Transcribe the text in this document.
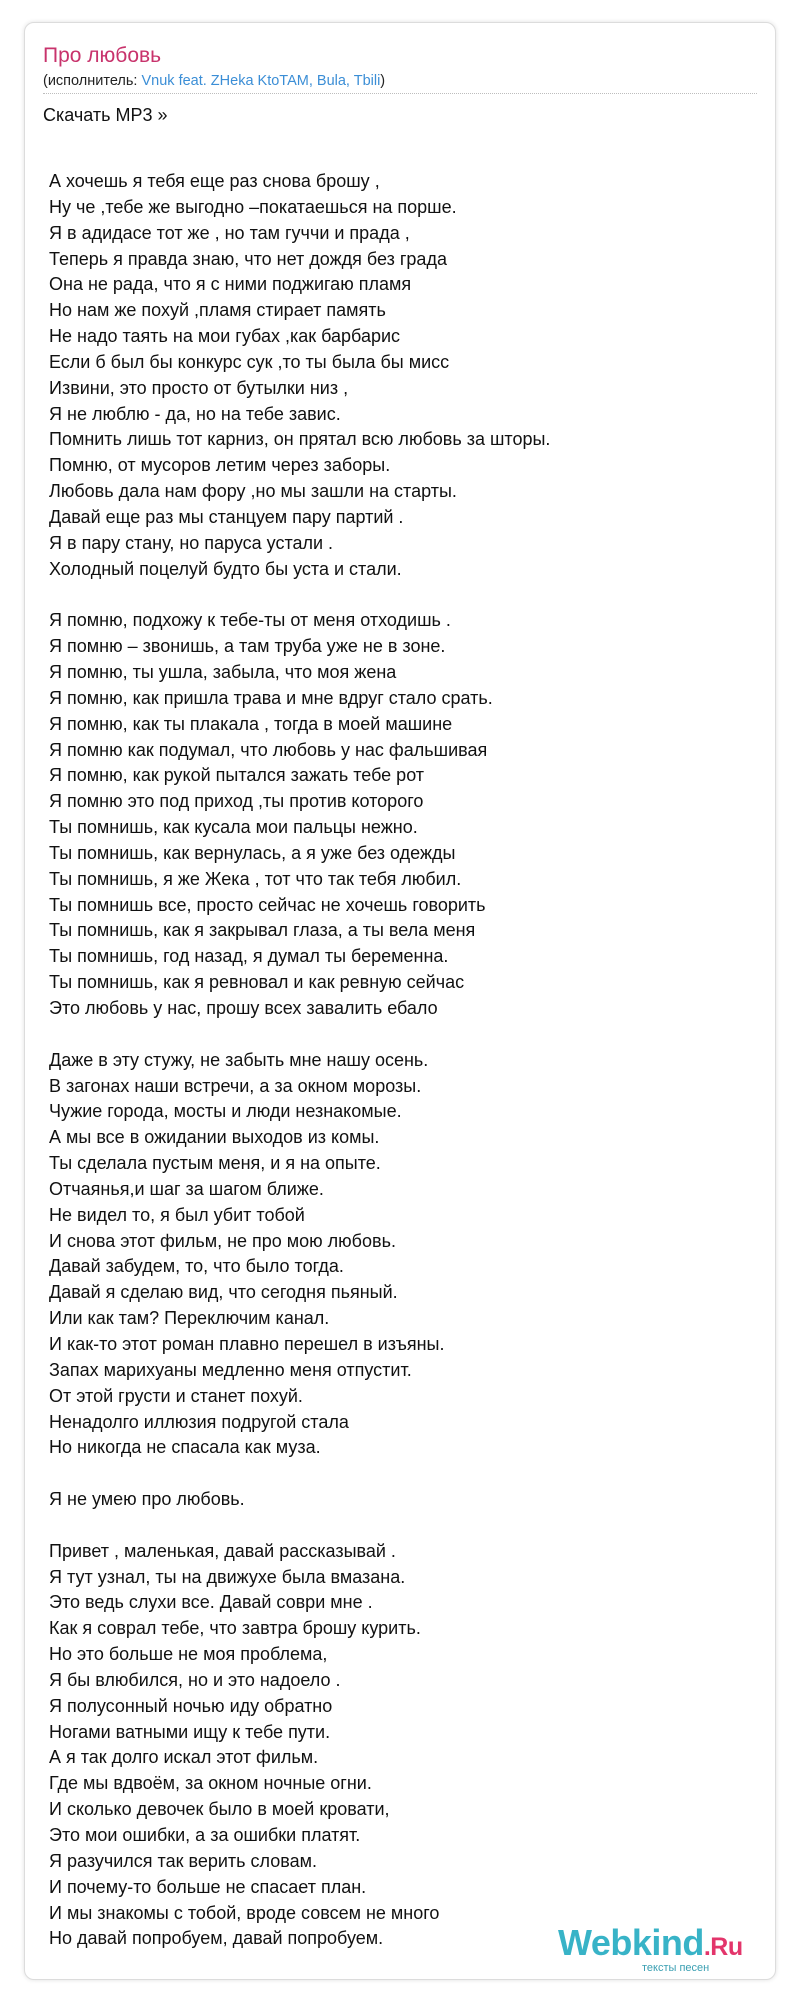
Про любовь
(исполнитель: Vnuk feat. ZHeka KtoTAM, Bula, Tbili)
Скачать MP3 »
А хочешь я тебя еще раз снова брошу ,
Ну че ,тебе же выгодно –покатаешься на порше.
Я в адидасе тот же , но там гуччи и прада ,
Теперь я правда знаю, что нет дождя без града
Она не рада, что я с ними поджигаю пламя
Но нам же похуй ,пламя стирает память
Не надо таять на мои губах ,как барбарис
Если б был бы конкурс сук ,то ты была бы мисс
Извини, это просто от бутылки низ ,
Я не люблю - да, но на тебе завис.
Помнить лишь тот карниз, он прятал всю любовь за шторы.
Помню, от мусоров летим через заборы.
Любовь дала нам фору ,но мы зашли на старты.
Давай еще раз мы станцуем пару партий .
Я в пару стану, но паруса устали .
Холодный поцелуй будто бы уста и стали.
Я помню, подхожу к тебе-ты от меня отходишь .
Я помню – звонишь, а там труба уже не в зоне.
Я помню, ты ушла, забыла, что моя жена
Я помню, как пришла трава и мне вдруг стало срать.
Я помню, как ты плакала , тогда в моей машине
Я помню как подумал, что любовь у нас фальшивая
Я помню, как рукой пытался зажать тебе рот
Я помню это под приход ,ты против которого
Ты помнишь, как кусала мои пальцы нежно.
Ты помнишь, как вернулась, а я уже без одежды
Ты помнишь, я же Жека , тот что так тебя любил.
Ты помнишь все, просто сейчас не хочешь говорить
Ты помнишь, как я закрывал глаза, а ты вела меня
Ты помнишь, год назад, я думал ты беременна.
Ты помнишь, как я ревновал и как ревную сейчас
Это любовь у нас, прошу всех завалить ебало
Даже в эту стужу, не забыть мне нашу осень.
В загонах наши встречи, а за окном морозы.
Чужие города, мосты и люди незнакомые.
А мы все в ожидании выходов из комы.
Ты сделала пустым меня, и я на опыте.
Отчаянья,и шаг за шагом ближе.
Не видел то, я был убит тобой
И снова этот фильм, не про мою любовь.
Давай забудем, то, что было тогда.
Давай я сделаю вид, что сегодня пьяный.
Или как там? Переключим канал.
И как-то этот роман плавно перешел в изъяны.
Запах марихуаны медленно меня отпустит.
От этой грусти и станет похуй.
Ненадолго иллюзия подругой стала
Но никогда не спасала как муза.
Я не умею про любовь.
Привет , маленькая, давай рассказывай .
Я тут узнал, ты на движухе была вмазана.
Это ведь слухи все. Давай соври мне .
Как я соврал тебе, что завтра брошу курить.
Но это больше не моя проблема,
Я бы влюбился, но и это надоело .
Я полусонный ночью иду обратно
Ногами ватными ищу к тебе пути.
А я так долго искал этот фильм.
Где мы вдвоём, за окном ночные огни.
И сколько девочек было в моей кровати,
Это мои ошибки, а за ошибки платят.
Я разучился так верить словам.
И почему-то больше не спасает план.
И мы знакомы с тобой, вроде совсем не много
Но давай попробуем, давай попробуем.	Webkind.Ru
тексты песен
